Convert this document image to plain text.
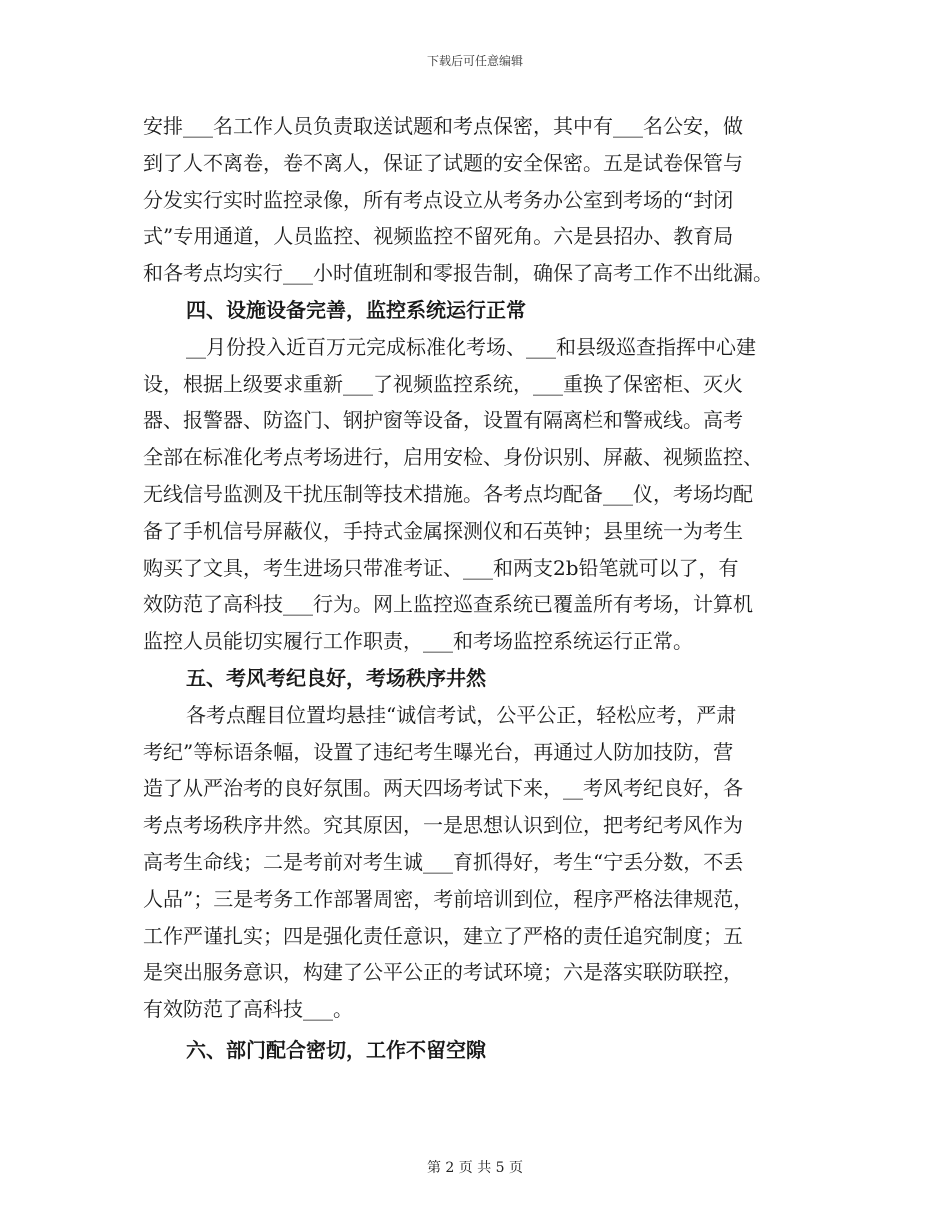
下载后可任意编辑
安排___名工作人员负责取送试题和考点保密，其中有___名公安，做
到了人不离卷，卷不离人，保证了试题的安全保密。五是试卷保管与
分发实行实时监控录像，所有考点设立从考务办公室到考场的“封闭
式”专用通道，人员监控、视频监控不留死角。六是县招办、教育局
和各考点均实行___小时值班制和零报告制，确保了高考工作不出纰漏。
四、设施设备完善，监控系统运行正常
__月份投入近百万元完成标准化考场、___和县级巡查指挥中心建
设，根据上级要求重新___了视频监控系统，___重换了保密柜、灭火
器、报警器、防盗门、钢护窗等设备，设置有隔离栏和警戒线。高考
全部在标准化考点考场进行，启用安检、身份识别、屏蔽、视频监控、
无线信号监测及干扰压制等技术措施。各考点均配备___仪，考场均配
备了手机信号屏蔽仪，手持式金属探测仪和石英钟；县里统一为考生
购买了文具，考生进场只带准考证、___和两支2b铅笔就可以了，有
效防范了高科技___行为。网上监控巡查系统已覆盖所有考场，计算机
监控人员能切实履行工作职责，___和考场监控系统运行正常。
五、考风考纪良好，考场秩序井然
各考点醒目位置均悬挂“诚信考试，公平公正，轻松应考，严肃
考纪”等标语条幅，设置了违纪考生曝光台，再通过人防加技防，营
造了从严治考的良好氛围。两天四场考试下来，__考风考纪良好，各
考点考场秩序井然。究其原因，一是思想认识到位，把考纪考风作为
高考生命线；二是考前对考生诚___育抓得好，考生“宁丢分数，不丢
人品”；三是考务工作部署周密，考前培训到位，程序严格法律规范，
工作严谨扎实；四是强化责任意识，建立了严格的责任追究制度；五
是突出服务意识，构建了公平公正的考试环境；六是落实联防联控，
有效防范了高科技___。
六、部门配合密切，工作不留空隙
第 2 页 共 5 页
